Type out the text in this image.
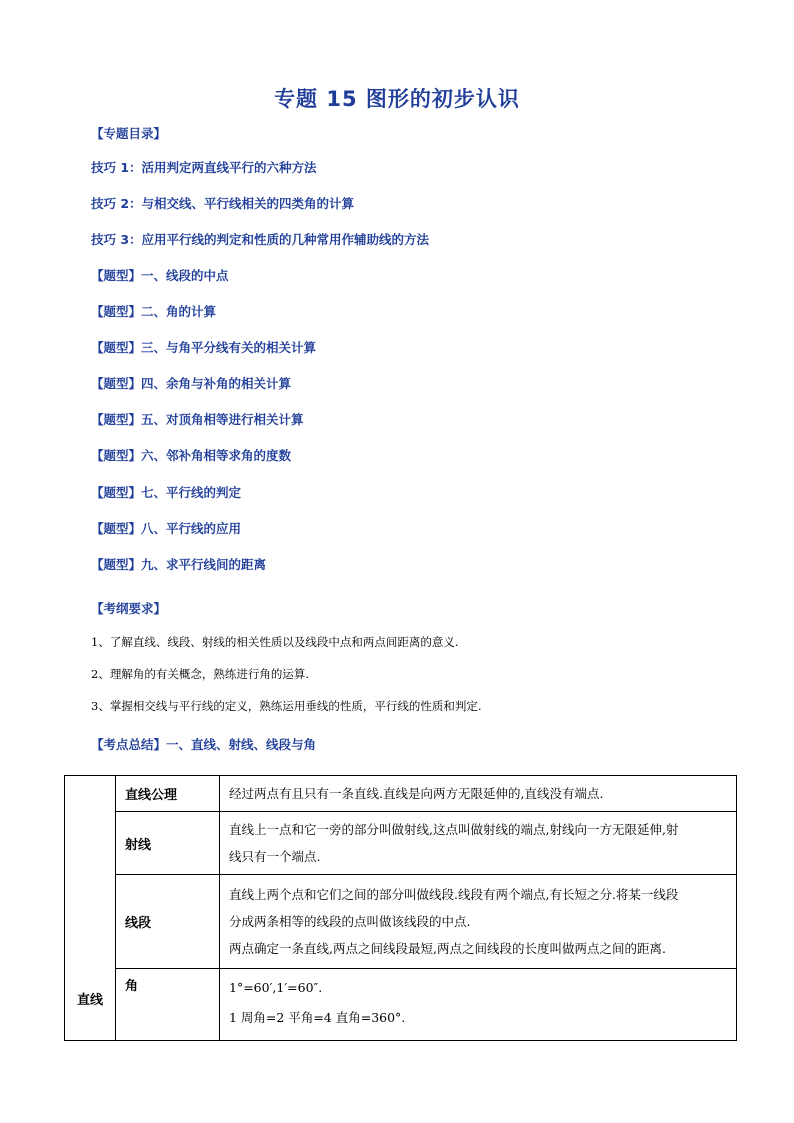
专题 15 图形的初步认识
【专题目录】
技巧 1：活用判定两直线平行的六种方法
技巧 2：与相交线、平行线相关的四类角的计算
技巧 3：应用平行线的判定和性质的几种常用作辅助线的方法
【题型】一、线段的中点
【题型】二、角的计算
【题型】三、与角平分线有关的相关计算
【题型】四、余角与补角的相关计算
【题型】五、对顶角相等进行相关计算
【题型】六、邻补角相等求角的度数
【题型】七、平行线的判定
【题型】八、平行线的应用
【题型】九、求平行线间的距离
【考纲要求】
1、了解直线、线段、射线的相关性质以及线段中点和两点间距离的意义.
2、理解角的有关概念，熟练进行角的运算.
3、掌握相交线与平行线的定义，熟练运用垂线的性质，平行线的性质和判定.
【考点总结】一、直线、射线、线段与角
直线	直线公理	经过两点有且只有一条直线.直线是向两方无限延伸的,直线没有端点.

	射线	直线上一点和它一旁的部分叫做射线,这点叫做射线的端点,射线向一方无限延伸,射
线只有一个端点.

	线段	直线上两个点和它们之间的部分叫做线段.线段有两个端点,有长短之分.将某一线段
分成两条相等的线段的点叫做该线段的中点.
两点确定一条直线,两点之间线段最短,两点之间线段的长度叫做两点之间的距离.

	角	1°=60′,1′=60″.
1 周角=2 平角=4 直角=360°.
